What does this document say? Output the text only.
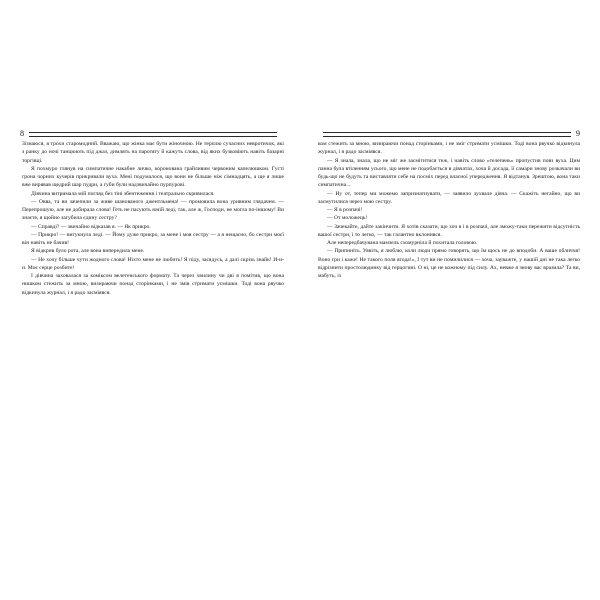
Зізнаюся, я трохи старомодний. Вважаю, що жінка має бути жіночною. Не терплю сучасних невротичок, які з ранку до ночі танцюють під джаз, димлять на паротягу й кажуть слова, від яких бузковіють навіть базарні торгівці.

Я похмуро глянув на симпатичне накабне личко, коронована грайливим червоним капелюшком. Густі грона чорних кучерів прикривали вуха. Мені подумалося, що вони не більше ніж сімнадцять, а ще я лише вже вирявав щедрий шар пудри, а губи були надзвичайно пурпурові.

Дівчина витримала мій погляд без тіні збентеження і театрально скривилася.

— Овва, та ви зачепили за живе шанованого джентльмена! — промовила вона уривним глядачем. — Перепрошую, але не добирала слова! Геть не пасують юній леді, так, але ж, Господи, не могла по-іншому! Ви знаєте, я щойно загубила єдину сестру?

— Справді? — звичайно відказав я. — Як прикро.

— Прикро! — вигукнула леді. — Йому дуже прикро, за мене і моя сестру — а я нещасно, бо сестри моєї він навіть не бачив!

Я відкрив було рота, але вона випередила мене.

— Не хочу більше чути жодного слова! Ніхто мене не любить! Я піду, засядусь, а далі скрізь знайк! И-и-и. Моє серце розбите!

І дівчина заховалася за комiксом велетенського формату. Та через хвилину чи дві я помітив, що вона нишком стежить за мною, визираючи понад сторінками, і не змів стримати усмішки. Тоді вона рвучко відкинула журнал, і я радо засміявся.

ком стежить за мною, визираючи понад сторінками, і не зміг стримати усмішки. Тоді вона рвучко відкинула журнал, і я радо засміявся.

— Я знала, знала, що не міг же засмітитися теж, і навіть слово «телепень» пропустив повз вуха. Цим панна була втіленням усього, що мене не подобається в дівчатах, хоча й досада, її самари знову розкачали ви будь-що не будуть та виставляти себе на посміх перед власної упередження. Я відтанув. Зрештою, вона таки симпатична...

— Ну от, тепер ми можемо запризнатиувати, — заявило зухвале дівча. — Скажіть негайно, що ви засмутилися через мою сестру.

— Я в розпачі!

— От моложець!

— Зачекайте, дайте закінчити. Я хотів сказати, що хоч я і в розпачі, але зможу-таки пережити відсутність вашої сестри, і то легко, — так галантно вклонився.

Але непередбачувана мамзель схомурніла й похитала головою.

— Припиніть. Уявіть, я люблю, коли люди прямо говорять, що їм щось не до вподоби. А ваше обличчя! Воно гри і каже! Не такого поля ягода!», І тут ви не помилилися — хоча, зауважте, у нашій дні не така легко відрізнити простолюдинку від герцогині. О ні, це не кожному під силу. Ах, невже я знову вас вразила? Та ви, мабуть, із

8	9
